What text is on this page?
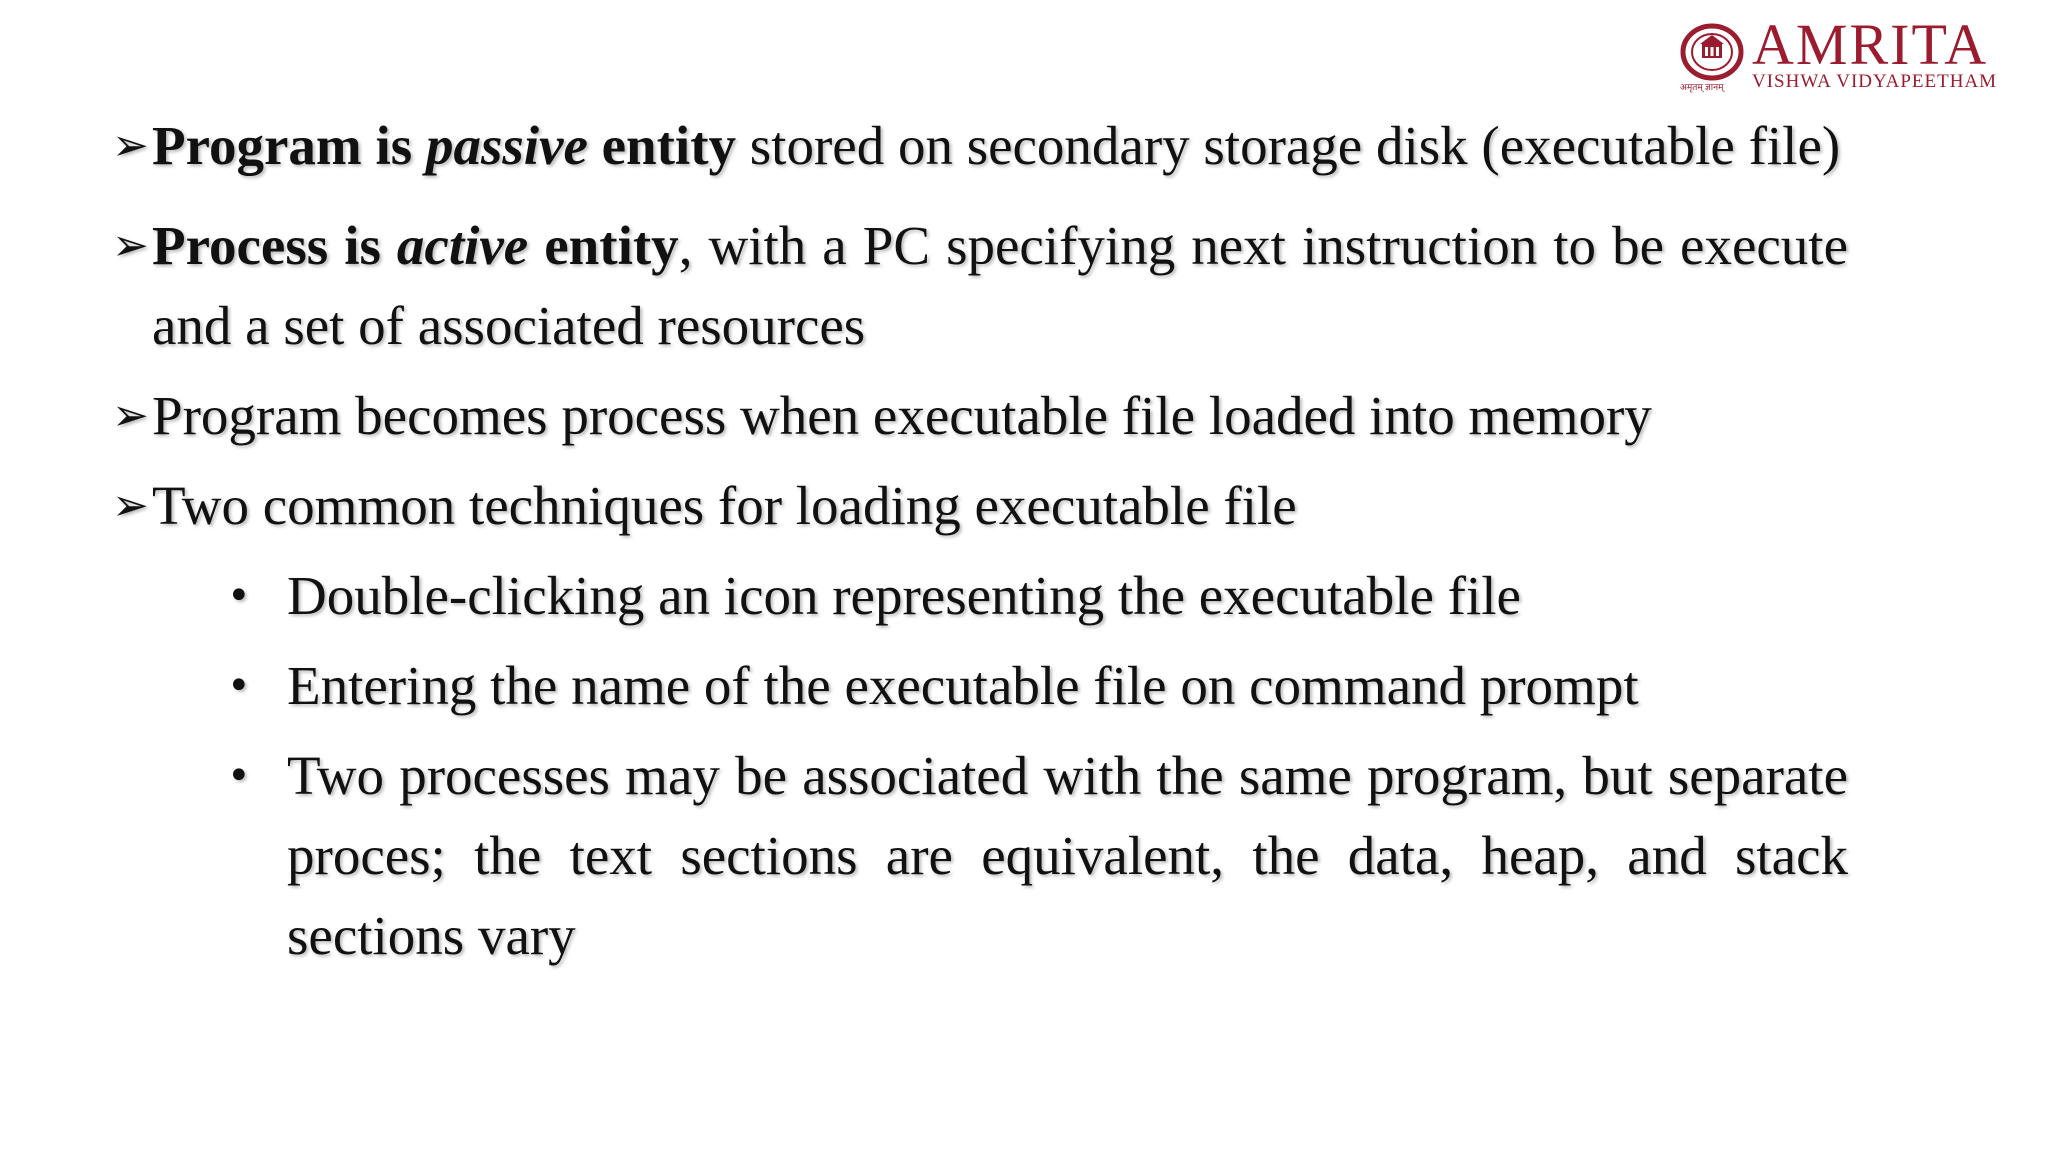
AMRITA
VISHWA VIDYAPEETHAM
अमृतम् ज्ञानम्
➢ Program is passive entity stored on secondary storage disk (executable file)
➢ Process is active entity, with a PC specifying next instruction to be execute and a set of associated resources
➢ Program becomes process when executable file loaded into memory
➢ Two common techniques for loading executable file
• Double-clicking an icon representing the executable file
• Entering the name of the executable file on command prompt
• Two processes may be associated with the same program, but separate proces; the text sections are equivalent, the data, heap, and stack sections vary
